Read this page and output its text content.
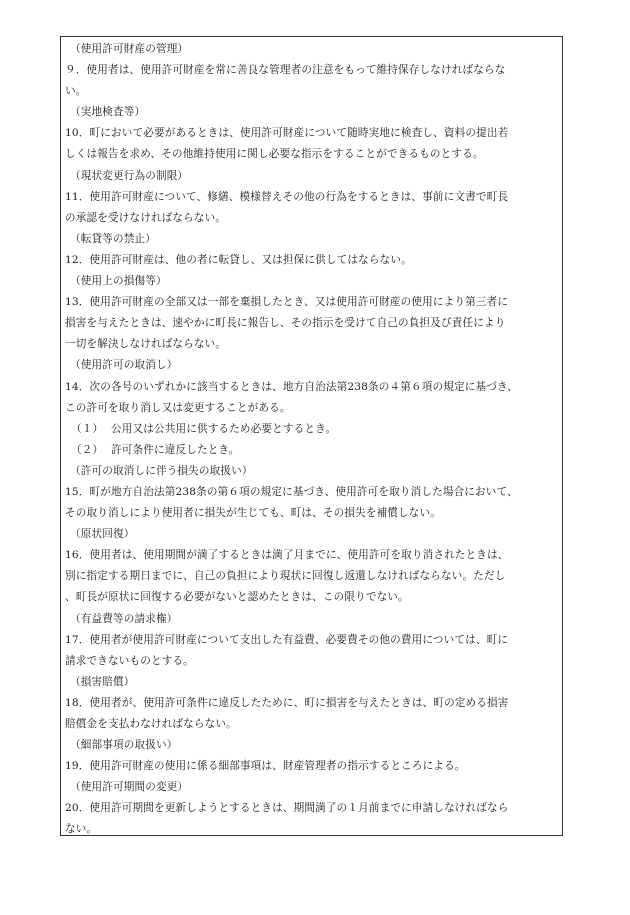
（使用許可財産の管理）
９．使用者は、使用許可財産を常に善良な管理者の注意をもって維持保存しなければならな
い。
（実地検査等）
10．町において必要があるときは、使用許可財産について随時実地に検査し、資料の提出若
しくは報告を求め、その他維持使用に関し必要な指示をすることができるものとする。
（現状変更行為の制限）
11．使用許可財産について、修繕、模様替えその他の行為をするときは、事前に文書で町長
の承認を受けなければならない。
（転貸等の禁止）
12．使用許可財産は、他の者に転貸し、又は担保に供してはならない。
（使用上の損傷等）
13．使用許可財産の全部又は一部を棄損したとき、又は使用許可財産の使用により第三者に
損害を与えたときは、速やかに町長に報告し、その指示を受けて自己の負担及び責任により
一切を解決しなければならない。
（使用許可の取消し）
14．次の各号のいずれかに該当するときは、地方自治法第238条の４第６項の規定に基づき、
この許可を取り消し又は変更することがある。
（１） 公用又は公共用に供するため必要とするとき。
（２） 許可条件に違反したとき。
（許可の取消しに伴う損失の取扱い）
15．町が地方自治法第238条の第６項の規定に基づき、使用許可を取り消した場合において、
その取り消しにより使用者に損失が生じても、町は、その損失を補償しない。
（原状回復）
16．使用者は、使用期間が満了するときは満了月までに、使用許可を取り消されたときは、
別に指定する期日までに、自己の負担により現状に回復し返還しなければならない。ただし
、町長が原状に回復する必要がないと認めたときは、この限りでない。
（有益費等の請求権）
17．使用者が使用許可財産について支出した有益費、必要費その他の費用については、町に
請求できないものとする。
（損害賠償）
18．使用者が、使用許可条件に違反したために、町に損害を与えたときは、町の定める損害
賠償金を支払わなければならない。
（細部事項の取扱い）
19．使用許可財産の使用に係る細部事項は、財産管理者の指示するところによる。
（使用許可期間の変更）
20．使用許可期間を更新しようとするときは、期間満了の１月前までに申請しなければなら
ない。
